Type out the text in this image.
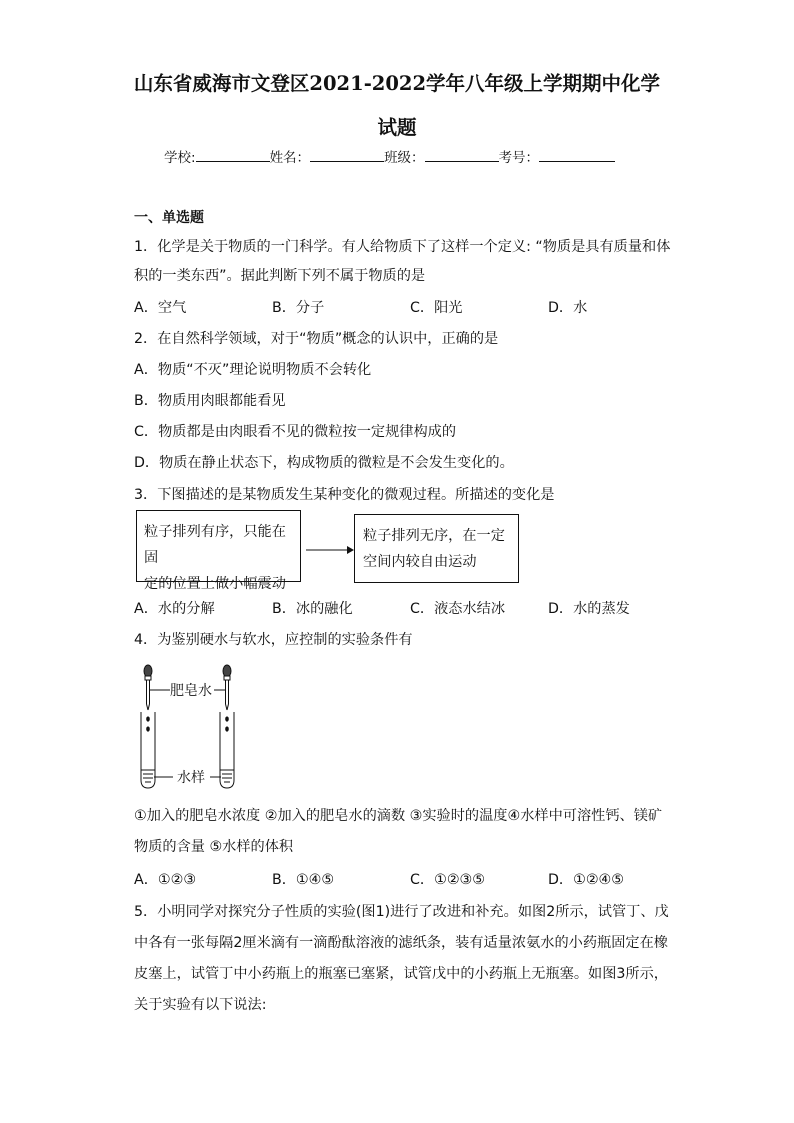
山东省威海市文登区2021-2022学年八年级上学期期中化学
试题
学校:	姓名：	班级：	考号：
一、单选题
1．化学是关于物质的一门科学。有人给物质下了这样一个定义: “物质是具有质量和体
积的一类东西”。据此判断下列不属于物质的是
A．空气	B．分子	C．阳光	D．水
2．在自然科学领域，对于“物质”概念的认识中，正确的是
A．物质“不灭”理论说明物质不会转化
B．物质用肉眼都能看见
C．物质都是由肉眼看不见的微粒按一定规律构成的
D．物质在静止状态下，构成物质的微粒是不会发生变化的。
3．下图描述的是某物质发生某种变化的微观过程。所描述的变化是
粒子排列有序，只能在固
定的位置上做小幅震动
粒子排列无序，在一定
空间内较自由运动
A．水的分解	B．冰的融化	C．液态水结冰	D．水的蒸发
4．为鉴别硬水与软水，应控制的实验条件有
肥皂水
水样
①加入的肥皂水浓度 ②加入的肥皂水的滴数 ③实验时的温度④水样中可溶性钙、镁矿
物质的含量 ⑤水样的体积
A．①②③	B．①④⑤	C．①②③⑤	D．①②④⑤
5．小明同学对探究分子性质的实验(图1)进行了改进和补充。如图2所示，试管丁、戊
中各有一张每隔2厘米滴有一滴酚酞溶液的滤纸条，装有适量浓氨水的小药瓶固定在橡
皮塞上，试管丁中小药瓶上的瓶塞已塞紧，试管戊中的小药瓶上无瓶塞。如图3所示，
关于实验有以下说法:
